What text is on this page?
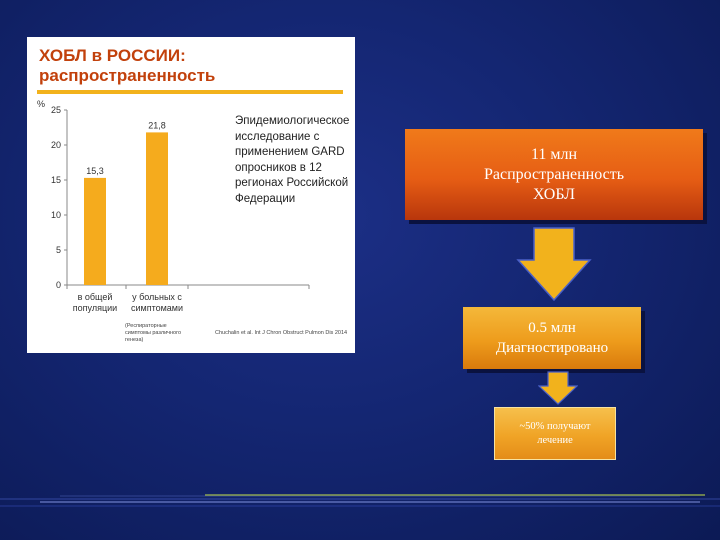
ХОБЛ в РОССИИ:
распространенность
%
0
5
10
15
20
25
15,3
21,8
в общей
популяции
у больных с
симптомами
(Респираторные
симптомы различного
генеза)
Chuchalin et al. Int J Chron Obstruct Pulmon Dis 2014
Эпидемиологическое исследование с применением GARD опросников в 12 регионах Российской Федерации
11 млн
Распространенность
ХОБЛ
0.5 млн
Диагностировано
~50% получают
лечение
